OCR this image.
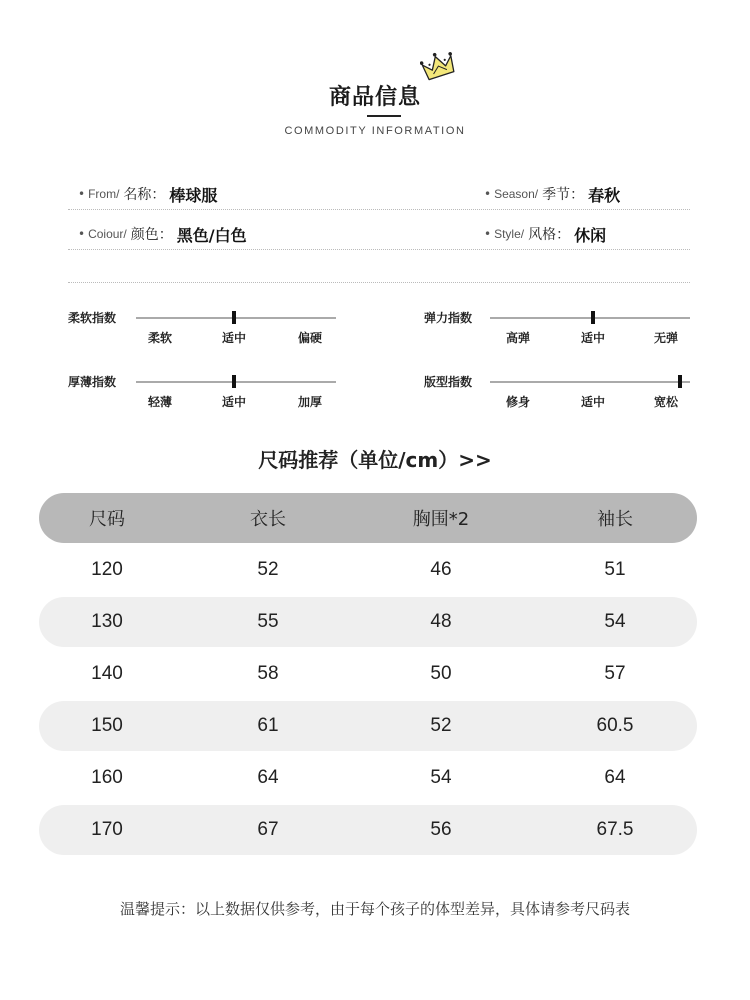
商品信息
COMMODITY INFORMATION
• From/ 名称： 棒球服	• Season/ 季节： 春秋
• Coiour/ 颜色： 黑色/白色	• Style/ 风格： 休闲
柔软指数
柔软	适中	偏硬
弹力指数
高弹	适中	无弹
厚薄指数
轻薄	适中	加厚
版型指数
修身	适中	宽松
尺码推荐（单位/cm）>>
尺码	衣长	胸围*2	袖长
120	52	46	51
130	55	48	54
140	58	50	57
150	61	52	60.5
160	64	54	64
170	67	56	67.5
温馨提示：以上数据仅供参考，由于每个孩子的体型差异，具体请参考尺码表
